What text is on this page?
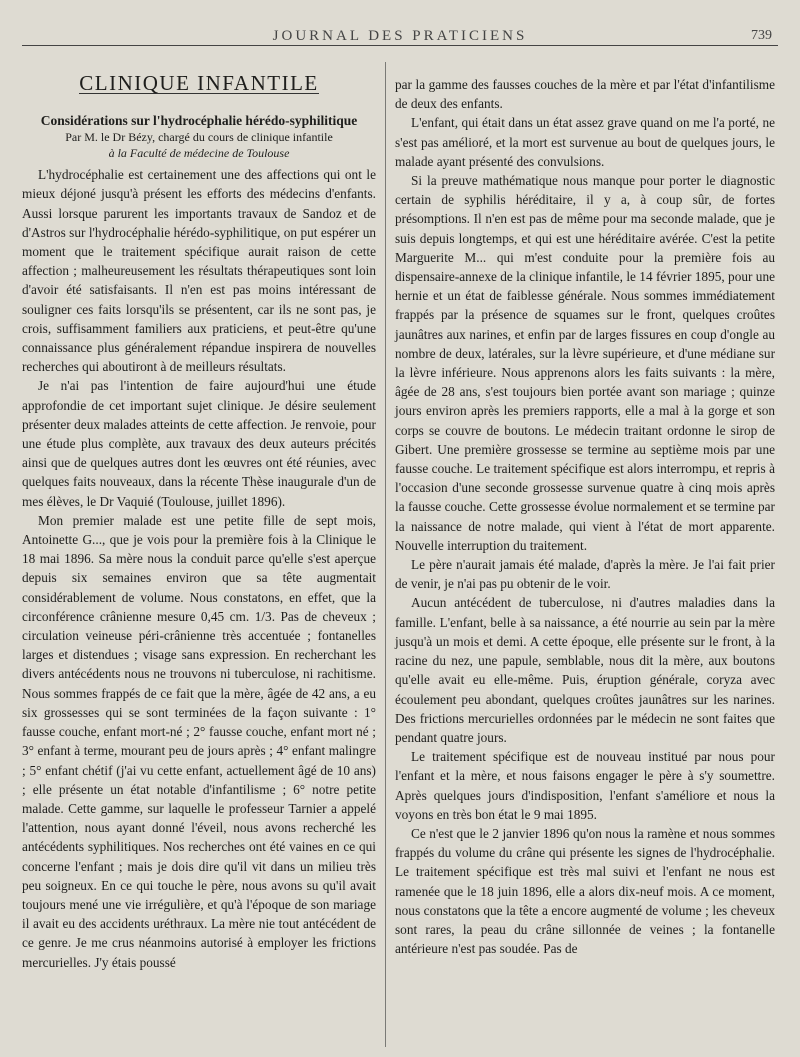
JOURNAL DES PRATICIENS	739

CLINIQUE INFANTILE

Considérations sur l'hydrocéphalie hérédo-syphilitique

Par M. le Dr Bézy, chargé du cours de clinique infantile
à la Faculté de médecine de Toulouse

L'hydrocéphalie est certainement une des affections qui ont le mieux déjoné jusqu'à présent les efforts des médecins d'enfants. Aussi lorsque parurent les importants travaux de Sandoz et de d'Astros sur l'hydrocéphalie hérédo-syphilitique, on put espérer un moment que le traitement spécifique aurait raison de cette affection ; malheureusement les résultats thérapeutiques sont loin d'avoir été satisfaisants. Il n'en est pas moins intéressant de souligner ces faits lorsqu'ils se présentent, car ils ne sont pas, je crois, suffisamment familiers aux praticiens, et peut-être qu'une connaissance plus généralement répandue inspirera de nouvelles recherches qui aboutiront à de meilleurs résultats.

Je n'ai pas l'intention de faire aujourd'hui une étude approfondie de cet important sujet clinique. Je désire seulement présenter deux malades atteints de cette affection. Je renvoie, pour une étude plus complète, aux travaux des deux auteurs précités ainsi que de quelques autres dont les œuvres ont été réunies, avec quelques faits nouveaux, dans la récente Thèse inaugurale d'un de mes élèves, le Dr Vaquié (Toulouse, juillet 1896).

Mon premier malade est une petite fille de sept mois, Antoinette G..., que je vois pour la première fois à la Clinique le 18 mai 1896. Sa mère nous la conduit parce qu'elle s'est aperçue depuis six semaines environ que sa tête augmentait considérablement de volume. Nous constatons, en effet, que la circonférence crânienne mesure 0,45 cm. 1/3. Pas de cheveux ; circulation veineuse péri-crânienne très accentuée ; fontanelles larges et distendues ; visage sans expression. En recherchant les divers antécédents nous ne trouvons ni tuberculose, ni rachitisme. Nous sommes frappés de ce fait que la mère, âgée de 42 ans, a eu six grossesses qui se sont terminées de la façon suivante : 1° fausse couche, enfant mort-né ; 2° fausse couche, enfant mort né ; 3° enfant à terme, mourant peu de jours après ; 4° enfant malingre ; 5° enfant chétif (j'ai vu cette enfant, actuellement âgé de 10 ans) ; elle présente un état notable d'infantilisme ; 6° notre petite malade. Cette gamme, sur laquelle le professeur Tarnier a appelé l'attention, nous ayant donné l'éveil, nous avons recherché les antécédents syphilitiques. Nos recherches ont été vaines en ce qui concerne l'enfant ; mais je dois dire qu'il vit dans un milieu très peu soigneux. En ce qui touche le père, nous avons su qu'il avait toujours mené une vie irrégulière, et qu'à l'époque de son mariage il avait eu des accidents uréthraux. La mère nie tout antécédent de ce genre. Je me crus néanmoins autorisé à employer les frictions mercurielles. J'y étais poussé

par la gamme des fausses couches de la mère et par l'état d'infantilisme de deux des enfants.

L'enfant, qui était dans un état assez grave quand on me l'a porté, ne s'est pas amélioré, et la mort est survenue au bout de quelques jours, le malade ayant présenté des convulsions.

Si la preuve mathématique nous manque pour porter le diagnostic certain de syphilis héréditaire, il y a, à coup sûr, de fortes présomptions. Il n'en est pas de même pour ma seconde malade, que je suis depuis longtemps, et qui est une héréditaire avérée. C'est la petite Marguerite M... qui m'est conduite pour la première fois au dispensaire-annexe de la clinique infantile, le 14 février 1895, pour une hernie et un état de faiblesse générale. Nous sommes immédiatement frappés par la présence de squames sur le front, quelques croûtes jaunâtres aux narines, et enfin par de larges fissures en coup d'ongle au nombre de deux, latérales, sur la lèvre supérieure, et d'une médiane sur la lèvre inférieure. Nous apprenons alors les faits suivants : la mère, âgée de 28 ans, s'est toujours bien portée avant son mariage ; quinze jours environ après les premiers rapports, elle a mal à la gorge et son corps se couvre de boutons. Le médecin traitant ordonne le sirop de Gibert. Une première grossesse se termine au septième mois par une fausse couche. Le traitement spécifique est alors interrompu, et repris à l'occasion d'une seconde grossesse survenue quatre à cinq mois après la fausse couche. Cette grossesse évolue normalement et se termine par la naissance de notre malade, qui vient à l'état de mort apparente. Nouvelle interruption du traitement.

Le père n'aurait jamais été malade, d'après la mère. Je l'ai fait prier de venir, je n'ai pas pu obtenir de le voir.

Aucun antécédent de tuberculose, ni d'autres maladies dans la famille. L'enfant, belle à sa naissance, a été nourrie au sein par la mère jusqu'à un mois et demi. A cette époque, elle présente sur le front, à la racine du nez, une papule, semblable, nous dit la mère, aux boutons qu'elle avait eu elle-même. Puis, éruption générale, coryza avec écoulement peu abondant, quelques croûtes jaunâtres sur les narines. Des frictions mercurielles ordonnées par le médecin ne sont faites que pendant quatre jours.

Le traitement spécifique est de nouveau institué par nous pour l'enfant et la mère, et nous faisons engager le père à s'y soumettre. Après quelques jours d'indisposition, l'enfant s'améliore et nous la voyons en très bon état le 9 mai 1895.

Ce n'est que le 2 janvier 1896 qu'on nous la ramène et nous sommes frappés du volume du crâne qui présente les signes de l'hydrocéphalie. Le traitement spécifique est très mal suivi et l'enfant ne nous est ramenée que le 18 juin 1896, elle a alors dix-neuf mois. A ce moment, nous constatons que la tête a encore augmenté de volume ; les cheveux sont rares, la peau du crâne sillonnée de veines ; la fontanelle antérieure n'est pas soudée. Pas de
